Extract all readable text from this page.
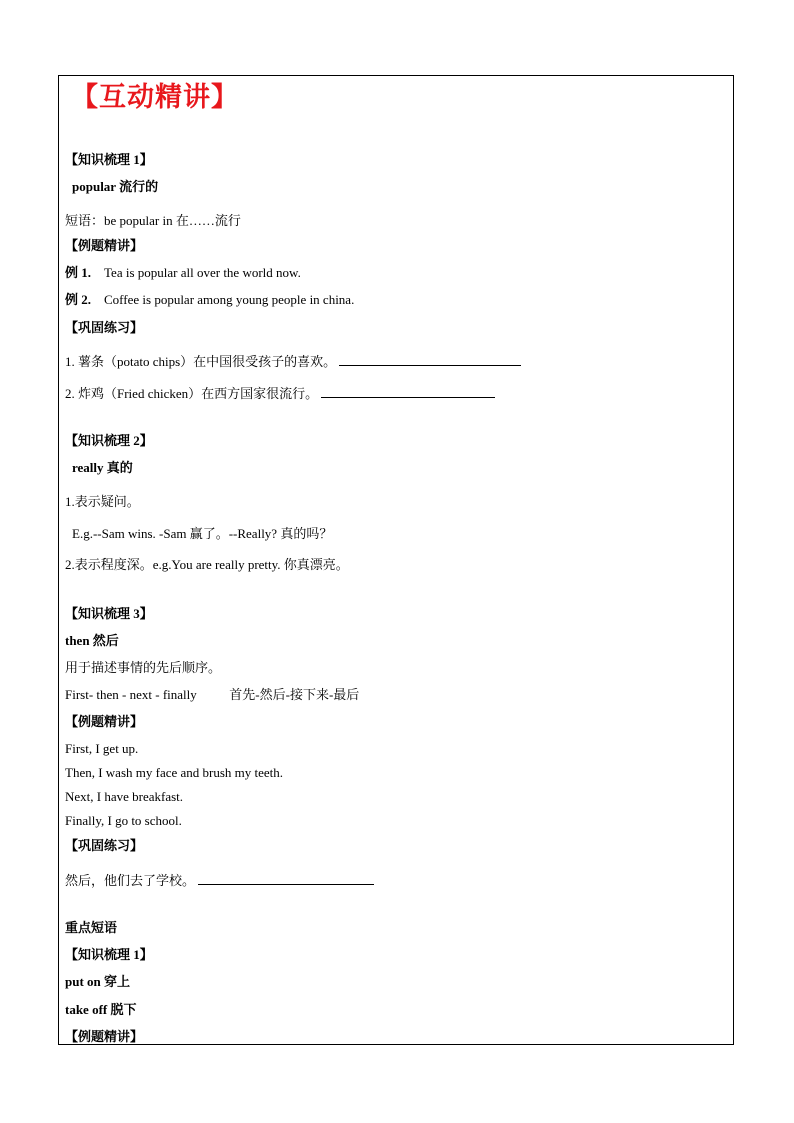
【互动精讲】
【知识梳理 1】
popular 流行的
短语：be popular in 在……流行
【例题精讲】
例 1. Tea is popular all over the world now.
例 2. Coffee is popular among young people in china.
【巩固练习】
1. 薯条（potato chips）在中国很受孩子的喜欢。
2. 炸鸡（Fried chicken）在西方国家很流行。
【知识梳理 2】
really 真的
1.表示疑问。
E.g.--Sam wins. -Sam 赢了。--Really? 真的吗？
2.表示程度深。e.g.You are really pretty. 你真漂亮。
【知识梳理 3】
then 然后
用于描述事情的先后顺序。
First- then - next - finally	首先-然后-接下来-最后
【例题精讲】
First, I get up.
Then, I wash my face and brush my teeth.
Next, I have breakfast.
Finally, I go to school.
【巩固练习】
然后，他们去了学校。
重点短语
【知识梳理 1】
put on 穿上
take off 脱下
【例题精讲】
